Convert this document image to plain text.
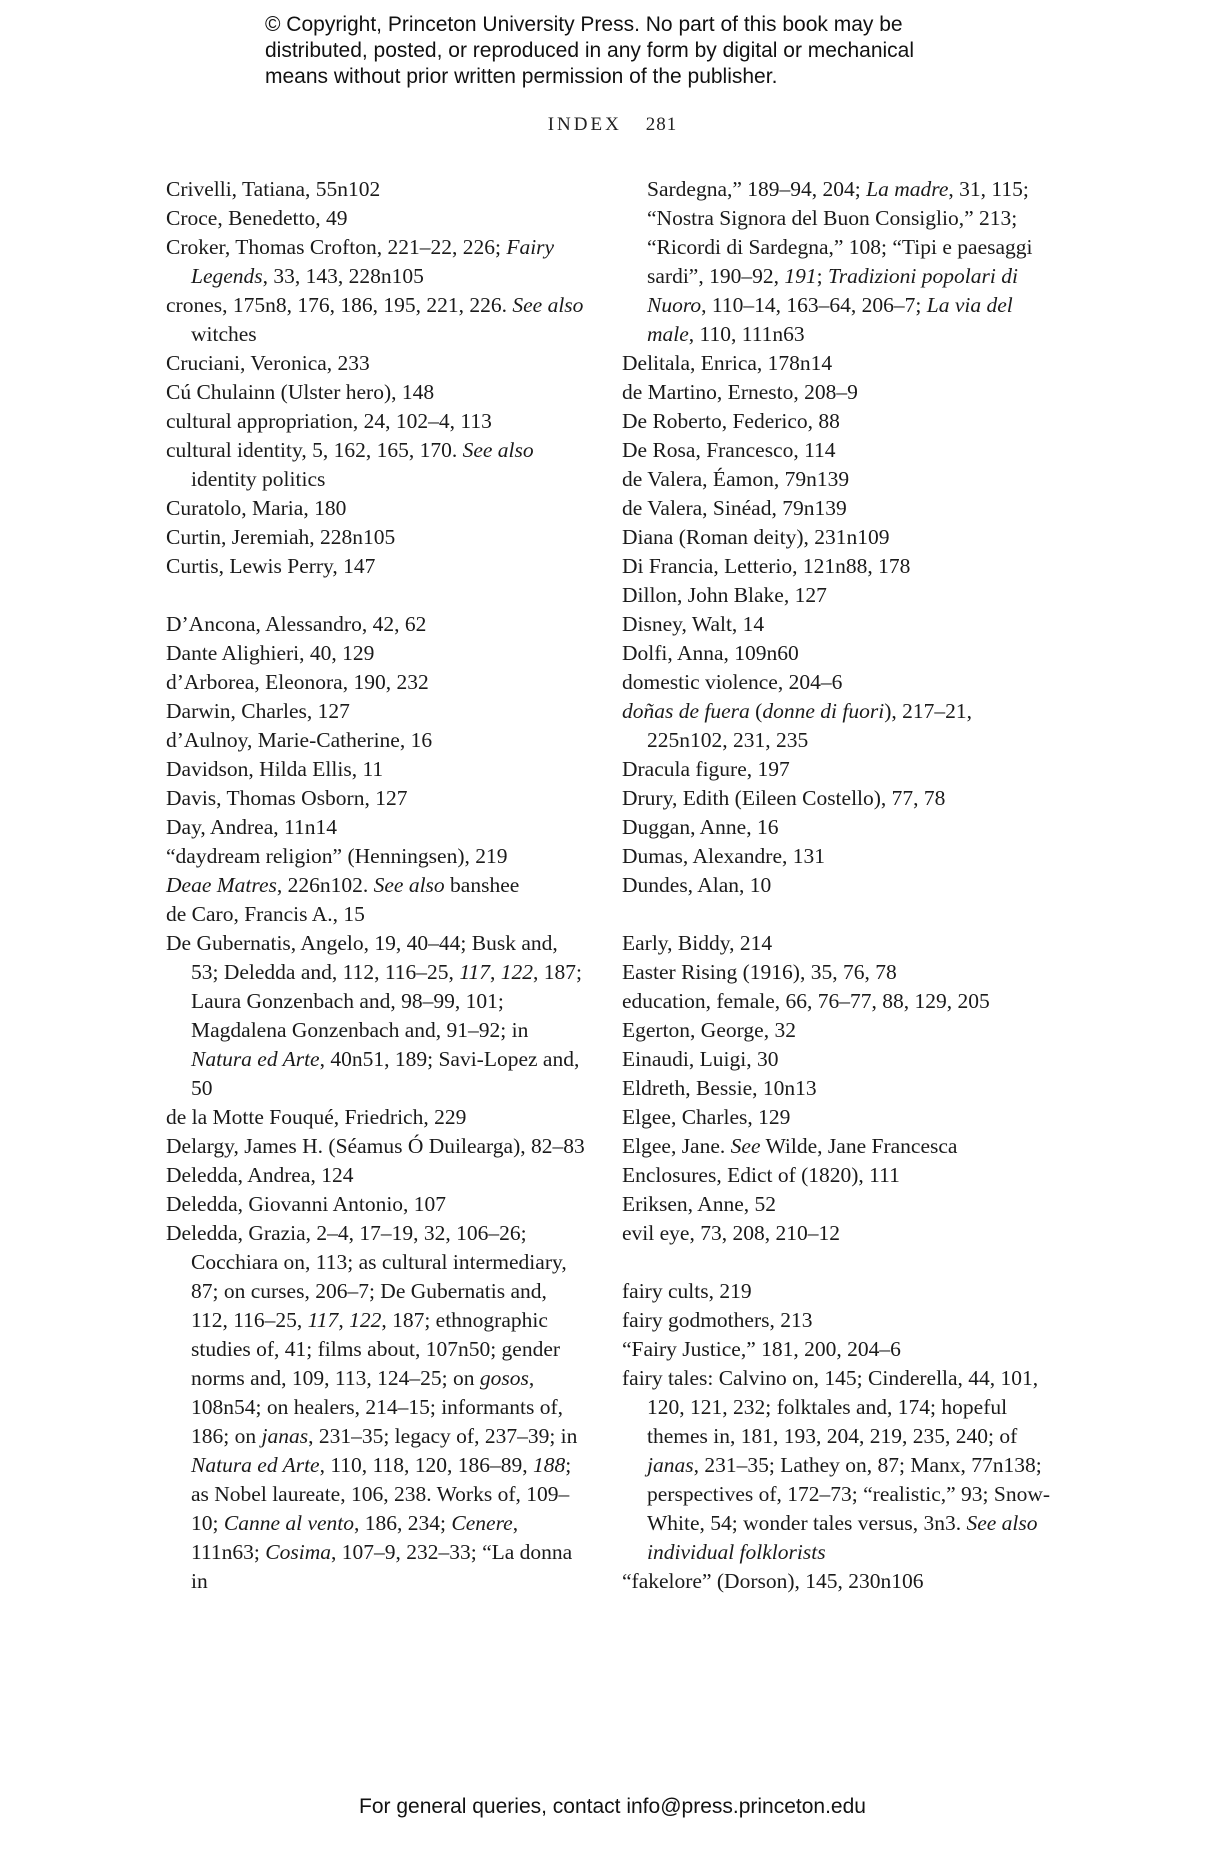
© Copyright, Princeton University Press. No part of this book may be
distributed, posted, or reproduced in any form by digital or mechanical
means without prior written permission of the publisher.
INDEX 281
Crivelli, Tatiana, 55n102
Croce, Benedetto, 49
Croker, Thomas Crofton, 221–22, 226; Fairy Legends, 33, 143, 228n105
crones, 175n8, 176, 186, 195, 221, 226. See also witches
Cruciani, Veronica, 233
Cú Chulainn (Ulster hero), 148
cultural appropriation, 24, 102–4, 113
cultural identity, 5, 162, 165, 170. See also identity politics
Curatolo, Maria, 180
Curtin, Jeremiah, 228n105
Curtis, Lewis Perry, 147
D’Ancona, Alessandro, 42, 62
Dante Alighieri, 40, 129
d’Arborea, Eleonora, 190, 232
Darwin, Charles, 127
d’Aulnoy, Marie-Catherine, 16
Davidson, Hilda Ellis, 11
Davis, Thomas Osborn, 127
Day, Andrea, 11n14
“daydream religion” (Henningsen), 219
Deae Matres, 226n102. See also banshee
de Caro, Francis A., 15
De Gubernatis, Angelo, 19, 40–44; Busk and, 53; Deledda and, 112, 116–25, 117, 122, 187; Laura Gonzenbach and, 98–99, 101; Magdalena Gonzenbach and, 91–92; in Natura ed Arte, 40n51, 189; Savi-Lopez and, 50
de la Motte Fouqué, Friedrich, 229
Delargy, James H. (Séamus Ó Duilearga), 82–83
Deledda, Andrea, 124
Deledda, Giovanni Antonio, 107
Deledda, Grazia, 2–4, 17–19, 32, 106–26; Cocchiara on, 113; as cultural intermediary, 87; on curses, 206–7; De Gubernatis and, 112, 116–25, 117, 122, 187; ethnographic studies of, 41; films about, 107n50; gender norms and, 109, 113, 124–25; on gosos, 108n54; on healers, 214–15; informants of, 186; on janas, 231–35; legacy of, 237–39; in Natura ed Arte, 110, 118, 120, 186–89, 188; as Nobel laureate, 106, 238. Works of, 109–10; Canne al vento, 186, 234; Cenere, 111n63; Cosima, 107–9, 232–33; “La donna in
Sardegna,” 189–94, 204; La madre, 31, 115; “Nostra Signora del Buon Consiglio,” 213; “Ricordi di Sardegna,” 108; “Tipi e paesaggi sardi”, 190–92, 191; Tradizioni popolari di Nuoro, 110–14, 163–64, 206–7; La via del male, 110, 111n63
Delitala, Enrica, 178n14
de Martino, Ernesto, 208–9
De Roberto, Federico, 88
De Rosa, Francesco, 114
de Valera, Éamon, 79n139
de Valera, Sinéad, 79n139
Diana (Roman deity), 231n109
Di Francia, Letterio, 121n88, 178
Dillon, John Blake, 127
Disney, Walt, 14
Dolfi, Anna, 109n60
domestic violence, 204–6
doñas de fuera (donne di fuori), 217–21, 225n102, 231, 235
Dracula figure, 197
Drury, Edith (Eileen Costello), 77, 78
Duggan, Anne, 16
Dumas, Alexandre, 131
Dundes, Alan, 10
Early, Biddy, 214
Easter Rising (1916), 35, 76, 78
education, female, 66, 76–77, 88, 129, 205
Egerton, George, 32
Einaudi, Luigi, 30
Eldreth, Bessie, 10n13
Elgee, Charles, 129
Elgee, Jane. See Wilde, Jane Francesca
Enclosures, Edict of (1820), 111
Eriksen, Anne, 52
evil eye, 73, 208, 210–12
fairy cults, 219
fairy godmothers, 213
“Fairy Justice,” 181, 200, 204–6
fairy tales: Calvino on, 145; Cinderella, 44, 101, 120, 121, 232; folktales and, 174; hopeful themes in, 181, 193, 204, 219, 235, 240; of janas, 231–35; Lathey on, 87; Manx, 77n138; perspectives of, 172–73; “realistic,” 93; Snow-White, 54; wonder tales versus, 3n3. See also individual folklorists
“fakelore” (Dorson), 145, 230n106
For general queries, contact info@press.princeton.edu
